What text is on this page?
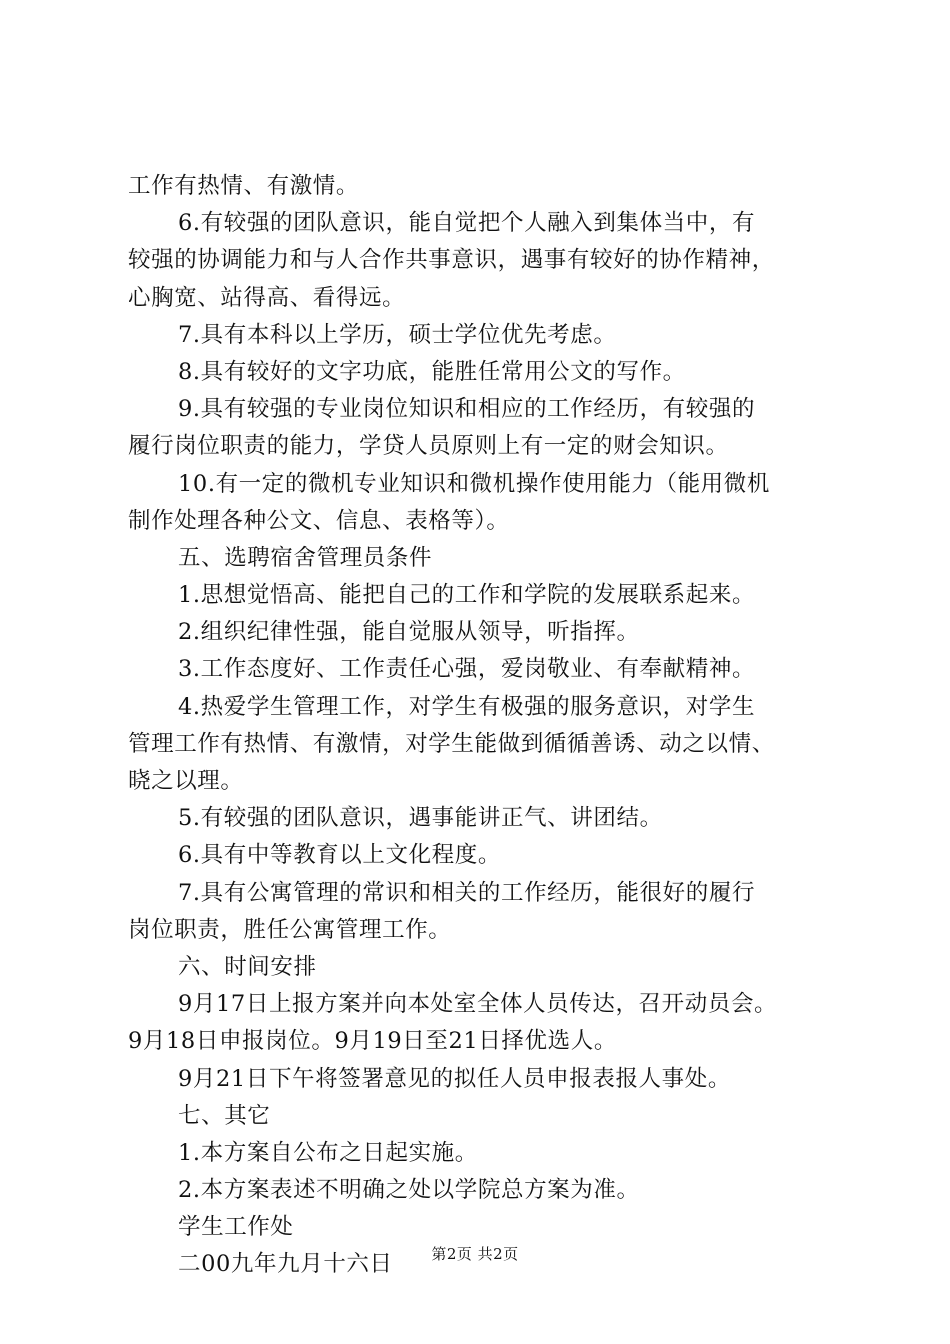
工作有热情、有激情。
6.有较强的团队意识，能自觉把个人融入到集体当中，有
较强的协调能力和与人合作共事意识，遇事有较好的协作精神，
心胸宽、站得高、看得远。
7.具有本科以上学历，硕士学位优先考虑。
8.具有较好的文字功底，能胜任常用公文的写作。
9.具有较强的专业岗位知识和相应的工作经历，有较强的
履行岗位职责的能力，学贷人员原则上有一定的财会知识。
10.有一定的微机专业知识和微机操作使用能力（能用微机
制作处理各种公文、信息、表格等）。
五、选聘宿舍管理员条件
1.思想觉悟高、能把自己的工作和学院的发展联系起来。
2.组织纪律性强，能自觉服从领导，听指挥。
3.工作态度好、工作责任心强，爱岗敬业、有奉献精神。
4.热爱学生管理工作，对学生有极强的服务意识，对学生
管理工作有热情、有激情，对学生能做到循循善诱、动之以情、
晓之以理。
5.有较强的团队意识，遇事能讲正气、讲团结。
6.具有中等教育以上文化程度。
7.具有公寓管理的常识和相关的工作经历，能很好的履行
岗位职责，胜任公寓管理工作。
六、时间安排
9月17日上报方案并向本处室全体人员传达，召开动员会。
9月18日申报岗位。9月19日至21日择优选人。
9月21日下午将签署意见的拟任人员申报表报人事处。
七、其它
1.本方案自公布之日起实施。
2.本方案表述不明确之处以学院总方案为准。
学生工作处
二00九年九月十六日	第2页 共2页
